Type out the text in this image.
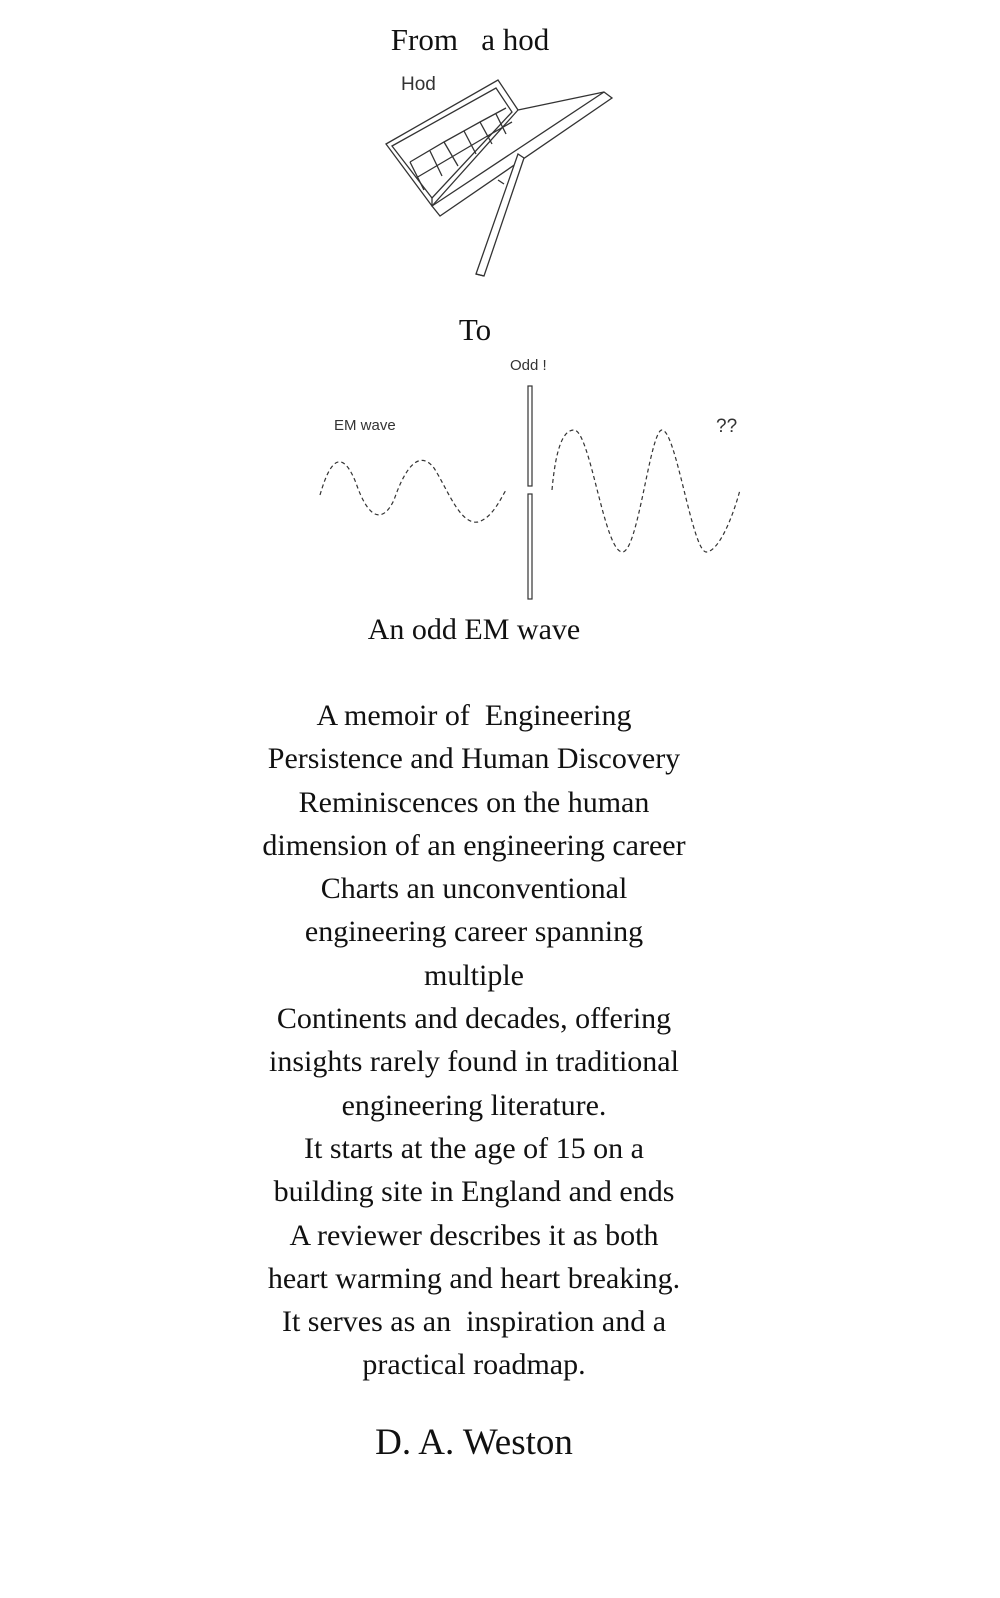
From   a hod
Hod
To
Odd !
EM wave	??
An odd EM wave
A memoir of  Engineering
Persistence and Human Discovery
Reminiscences on the human
dimension of an engineering career
Charts an unconventional
engineering career spanning
multiple
Continents and decades, offering
insights rarely found in traditional
engineering literature.
It starts at the age of 15 on a
building site in England and ends
A reviewer describes it as both
heart warming and heart breaking.
It serves as an  inspiration and a
practical roadmap.
D. A. Weston
